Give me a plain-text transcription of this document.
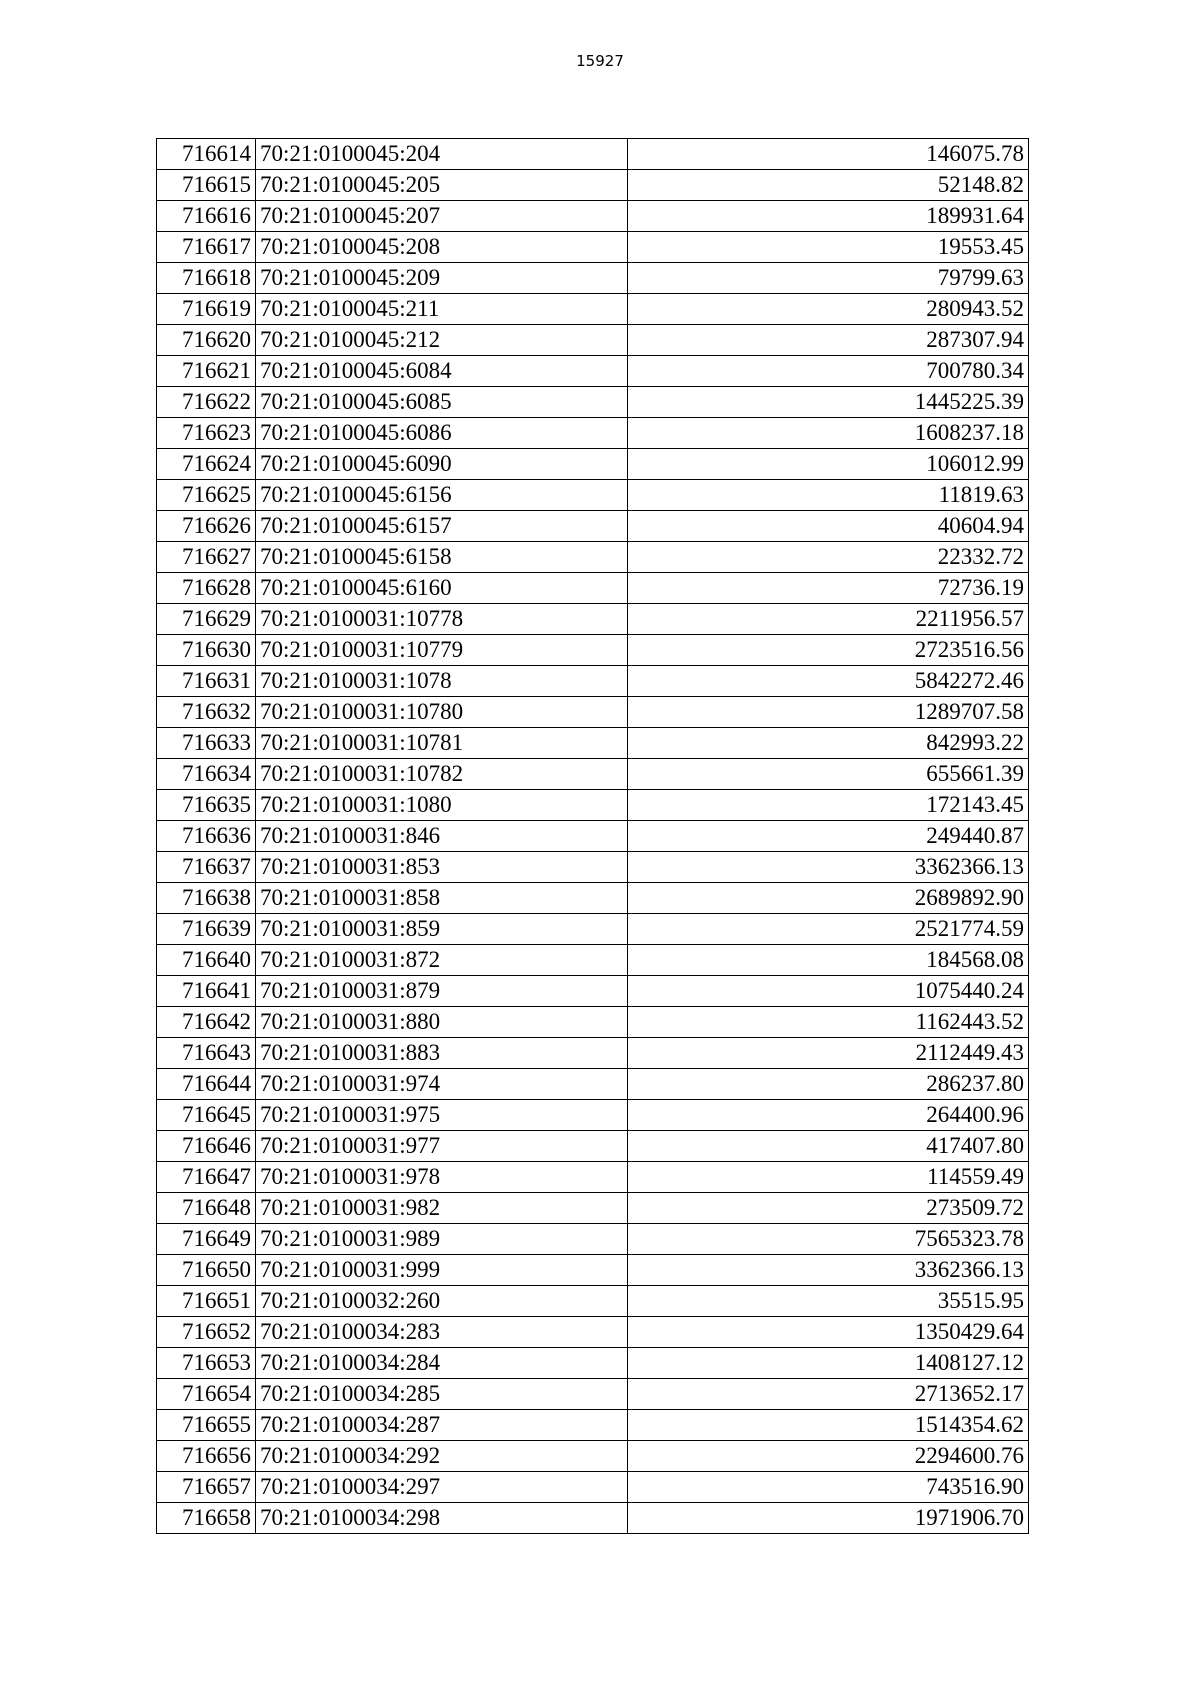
15927
716614	70:21:0100045:204	146075.78
716615	70:21:0100045:205	52148.82
716616	70:21:0100045:207	189931.64
716617	70:21:0100045:208	19553.45
716618	70:21:0100045:209	79799.63
716619	70:21:0100045:211	280943.52
716620	70:21:0100045:212	287307.94
716621	70:21:0100045:6084	700780.34
716622	70:21:0100045:6085	1445225.39
716623	70:21:0100045:6086	1608237.18
716624	70:21:0100045:6090	106012.99
716625	70:21:0100045:6156	11819.63
716626	70:21:0100045:6157	40604.94
716627	70:21:0100045:6158	22332.72
716628	70:21:0100045:6160	72736.19
716629	70:21:0100031:10778	2211956.57
716630	70:21:0100031:10779	2723516.56
716631	70:21:0100031:1078	5842272.46
716632	70:21:0100031:10780	1289707.58
716633	70:21:0100031:10781	842993.22
716634	70:21:0100031:10782	655661.39
716635	70:21:0100031:1080	172143.45
716636	70:21:0100031:846	249440.87
716637	70:21:0100031:853	3362366.13
716638	70:21:0100031:858	2689892.90
716639	70:21:0100031:859	2521774.59
716640	70:21:0100031:872	184568.08
716641	70:21:0100031:879	1075440.24
716642	70:21:0100031:880	1162443.52
716643	70:21:0100031:883	2112449.43
716644	70:21:0100031:974	286237.80
716645	70:21:0100031:975	264400.96
716646	70:21:0100031:977	417407.80
716647	70:21:0100031:978	114559.49
716648	70:21:0100031:982	273509.72
716649	70:21:0100031:989	7565323.78
716650	70:21:0100031:999	3362366.13
716651	70:21:0100032:260	35515.95
716652	70:21:0100034:283	1350429.64
716653	70:21:0100034:284	1408127.12
716654	70:21:0100034:285	2713652.17
716655	70:21:0100034:287	1514354.62
716656	70:21:0100034:292	2294600.76
716657	70:21:0100034:297	743516.90
716658	70:21:0100034:298	1971906.70
